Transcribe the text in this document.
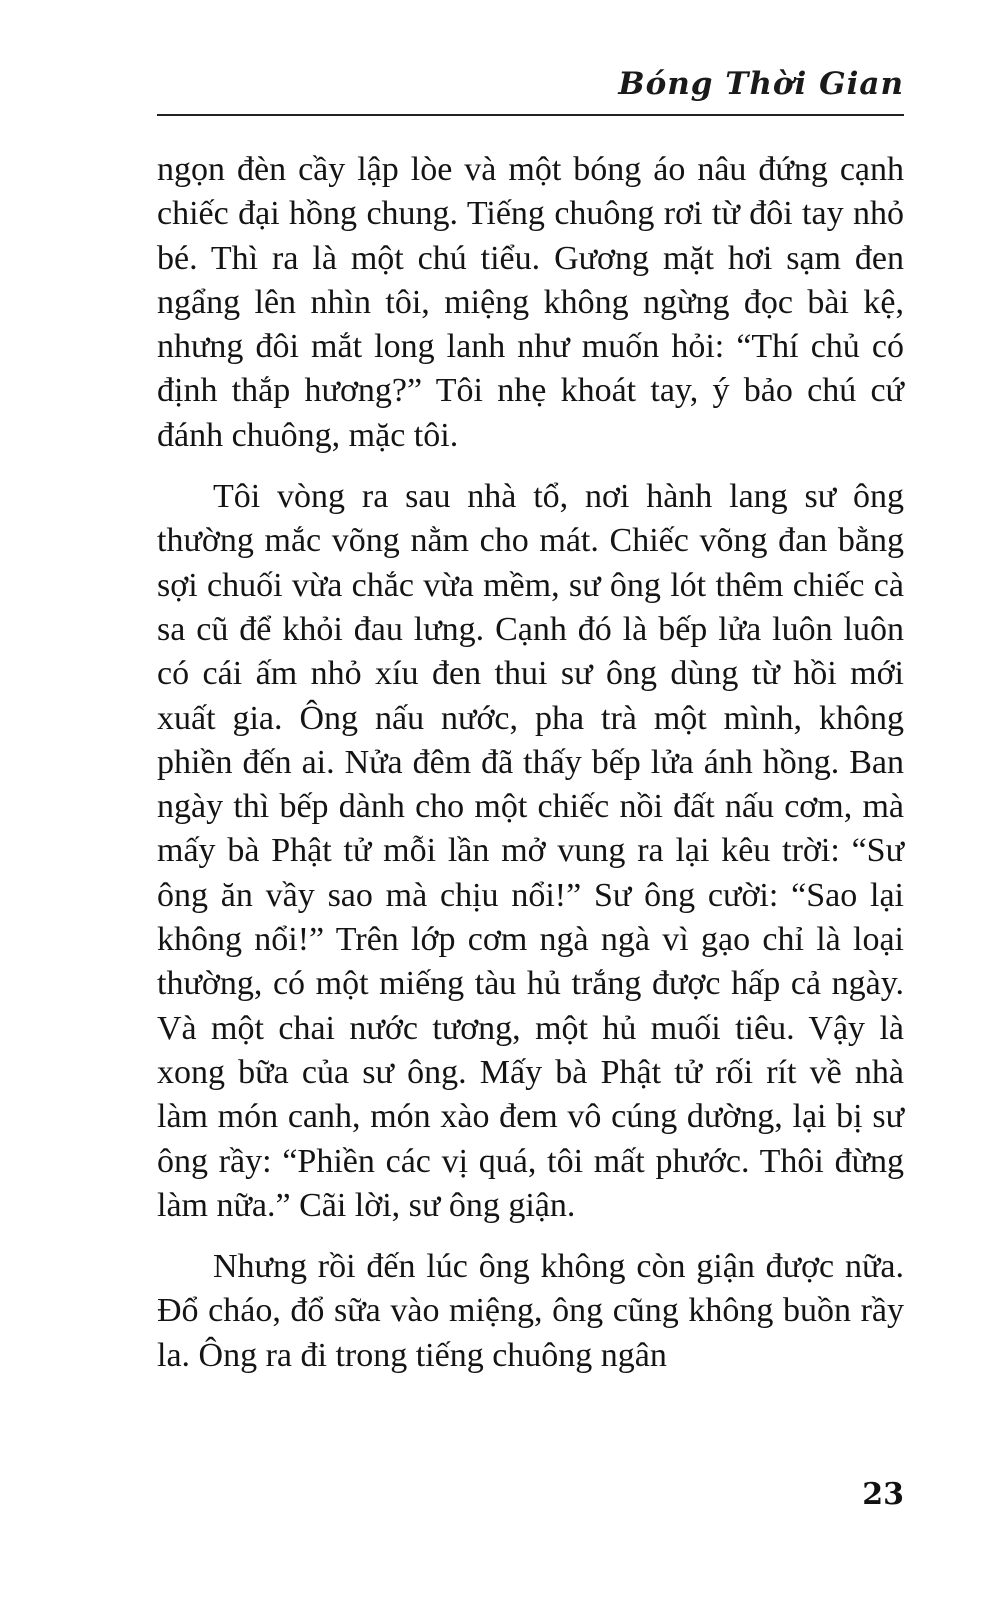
Bóng Thời Gian

ngọn đèn cầy lập lòe và một bóng áo nâu đứng cạnh chiếc đại hồng chung. Tiếng chuông rơi từ đôi tay nhỏ bé. Thì ra là một chú tiểu. Gương mặt hơi sạm đen ngẩng lên nhìn tôi, miệng không ngừng đọc bài kệ, nhưng đôi mắt long lanh như muốn hỏi: “Thí chủ có định thắp hương?” Tôi nhẹ khoát tay, ý bảo chú cứ đánh chuông, mặc tôi.

Tôi vòng ra sau nhà tổ, nơi hành lang sư ông thường mắc võng nằm cho mát. Chiếc võng đan bằng sợi chuối vừa chắc vừa mềm, sư ông lót thêm chiếc cà sa cũ để khỏi đau lưng. Cạnh đó là bếp lửa luôn luôn có cái ấm nhỏ xíu đen thui sư ông dùng từ hồi mới xuất gia. Ông nấu nước, pha trà một mình, không phiền đến ai. Nửa đêm đã thấy bếp lửa ánh hồng. Ban ngày thì bếp dành cho một chiếc nồi đất nấu cơm, mà mấy bà Phật tử mỗi lần mở vung ra lại kêu trời: “Sư ông ăn vầy sao mà chịu nổi!” Sư ông cười: “Sao lại không nổi!” Trên lớp cơm ngà ngà vì gạo chỉ là loại thường, có một miếng tàu hủ trắng được hấp cả ngày. Và một chai nước tương, một hủ muối tiêu. Vậy là xong bữa của sư ông. Mấy bà Phật tử rối rít về nhà làm món canh, món xào đem vô cúng dường, lại bị sư ông rầy: “Phiền các vị quá, tôi mất phước. Thôi đừng làm nữa.” Cãi lời, sư ông giận.

Nhưng rồi đến lúc ông không còn giận được nữa. Đổ cháo, đổ sữa vào miệng, ông cũng không buồn rầy la. Ông ra đi trong tiếng chuông ngân

23
